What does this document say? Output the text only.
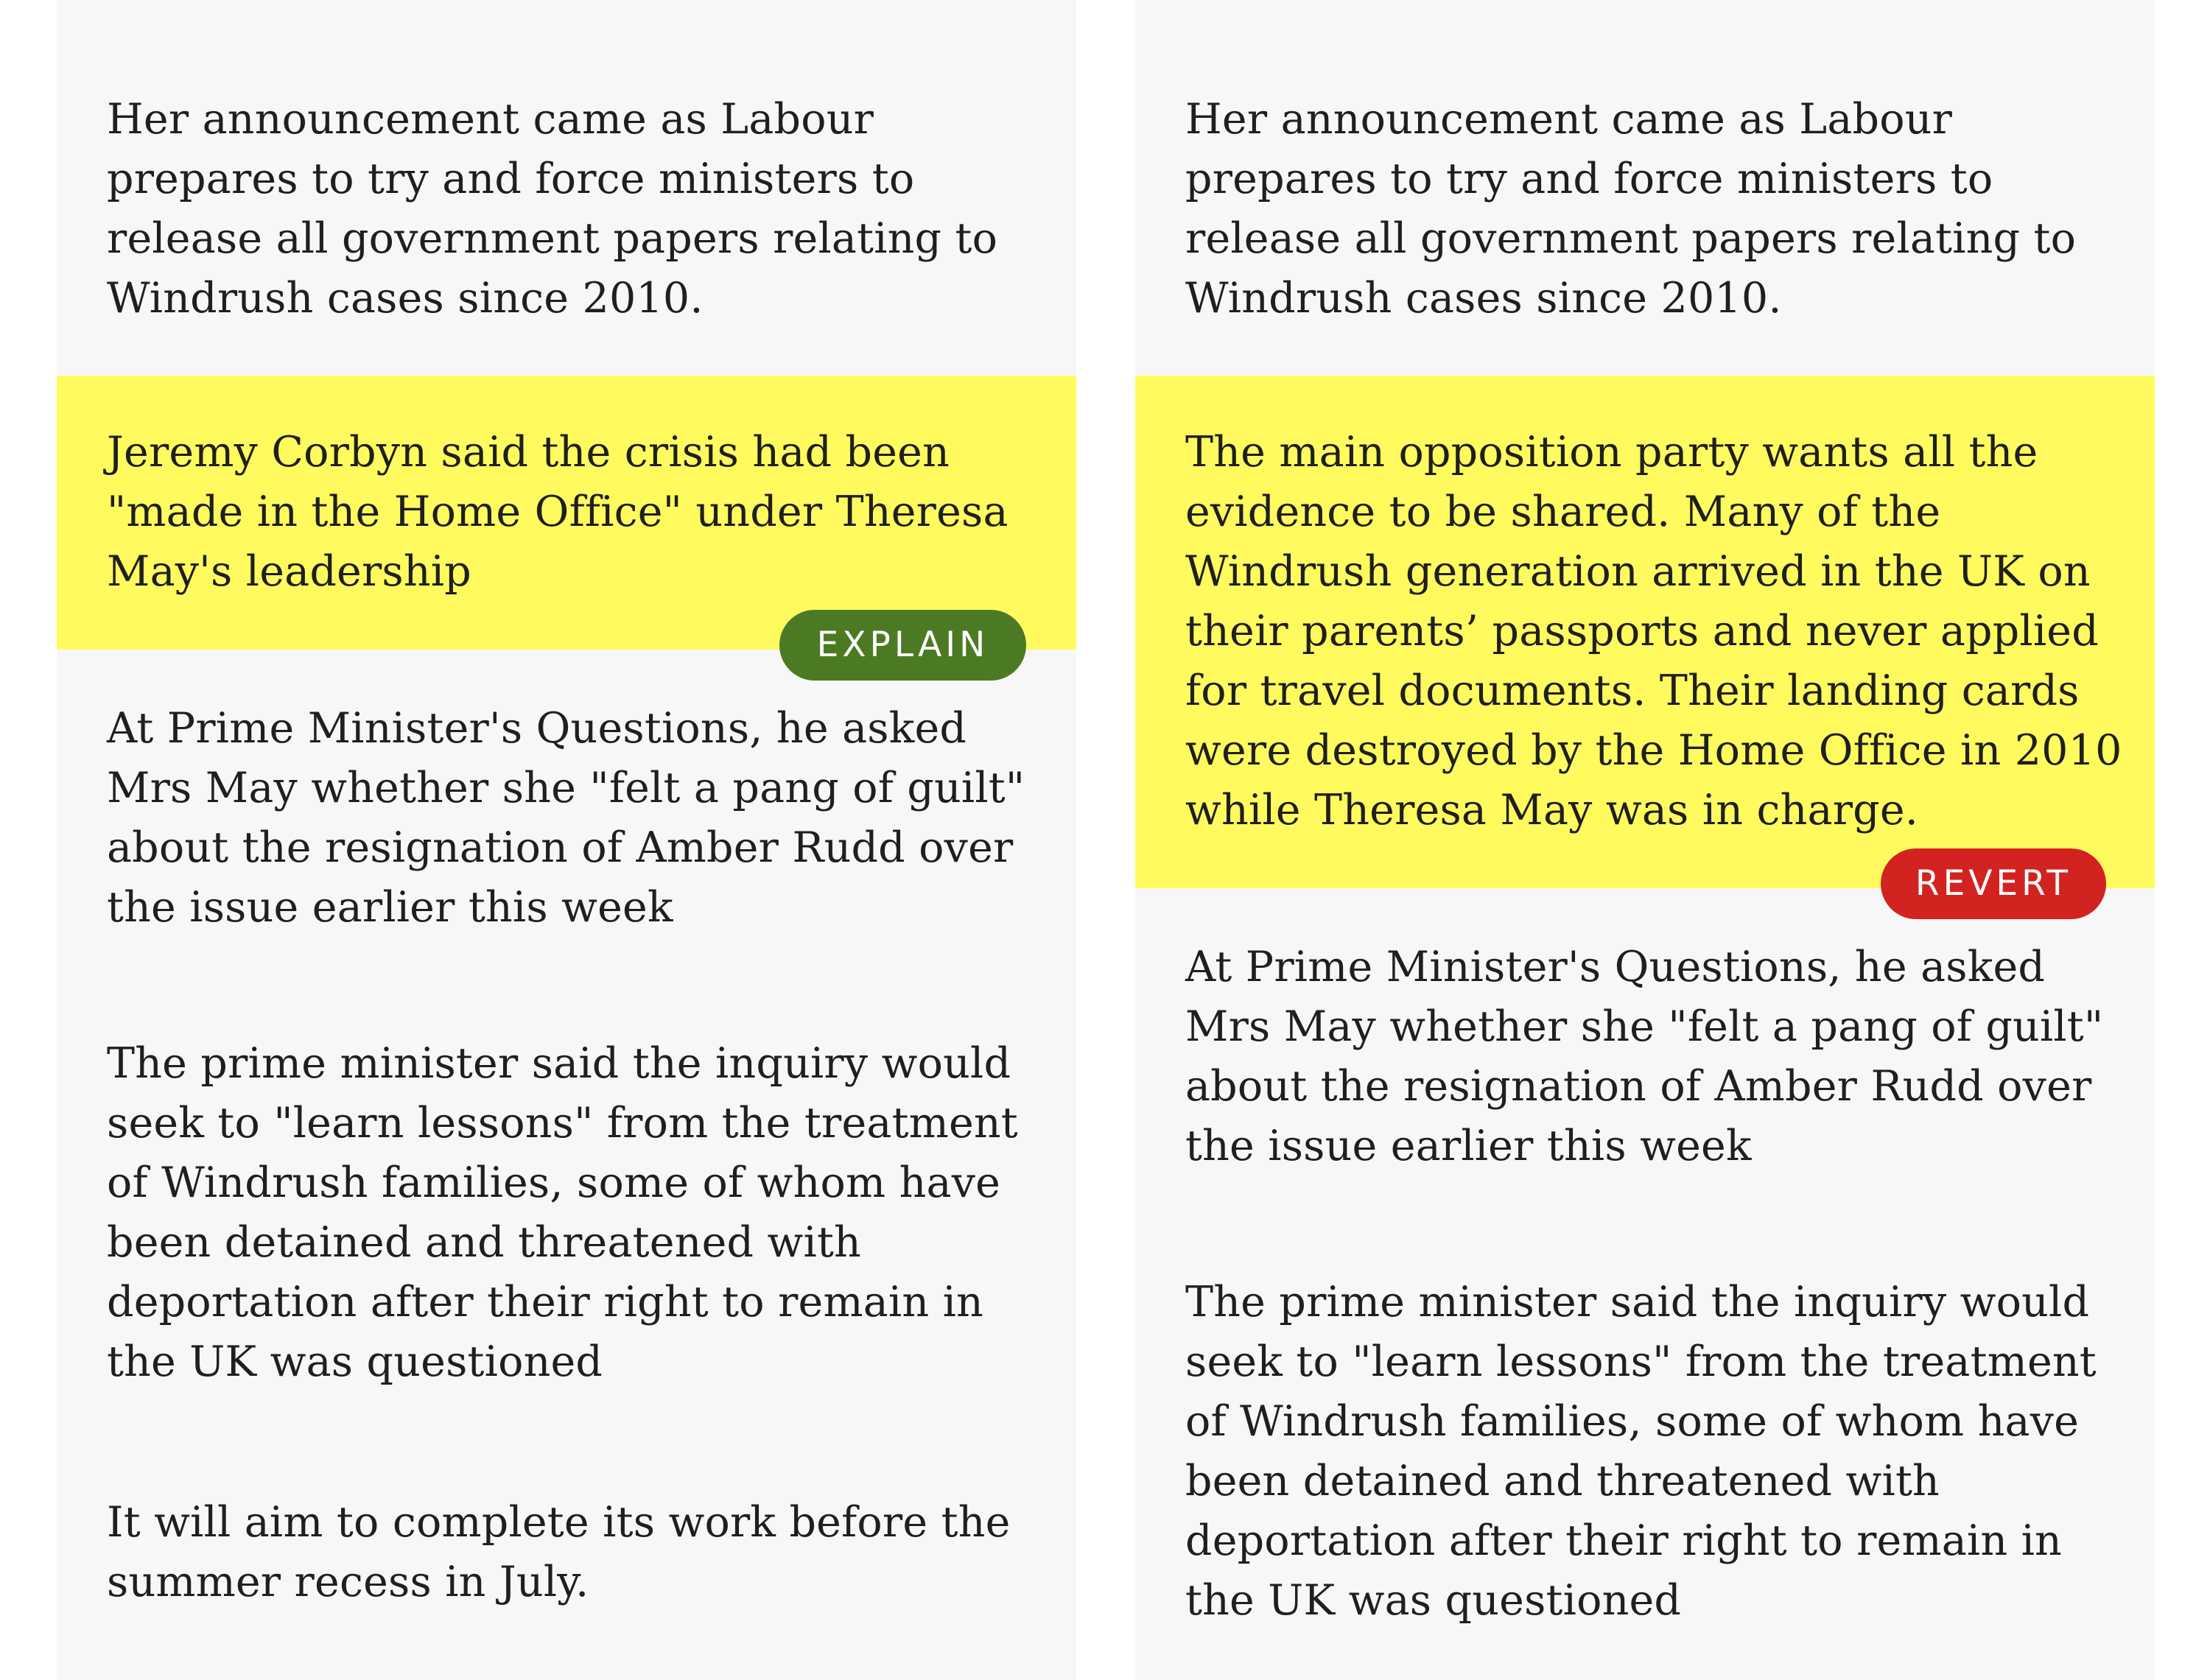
Her announcement came as Labour prepares to try and force ministers to release all government papers relating to Windrush cases since 2010.

Jeremy Corbyn said the crisis had been "made in the Home Office" under Theresa May's leadership

EXPLAIN

At Prime Minister's Questions, he asked Mrs May whether she "felt a pang of guilt" about the resignation of Amber Rudd over the issue earlier this week

The prime minister said the inquiry would seek to "learn lessons" from the treatment of Windrush families, some of whom have been detained and threatened with deportation after their right to remain in the UK was questioned

It will aim to complete its work before the summer recess in July.

Her announcement came as Labour prepares to try and force ministers to release all government papers relating to Windrush cases since 2010.

The main opposition party wants all the evidence to be shared. Many of the Windrush generation arrived in the UK on their parents’ passports and never applied for travel documents. Their landing cards were destroyed by the Home Office in 2010 while Theresa May was in charge.

REVERT

At Prime Minister's Questions, he asked Mrs May whether she "felt a pang of guilt" about the resignation of Amber Rudd over the issue earlier this week

The prime minister said the inquiry would seek to "learn lessons" from the treatment of Windrush families, some of whom have been detained and threatened with deportation after their right to remain in the UK was questioned
